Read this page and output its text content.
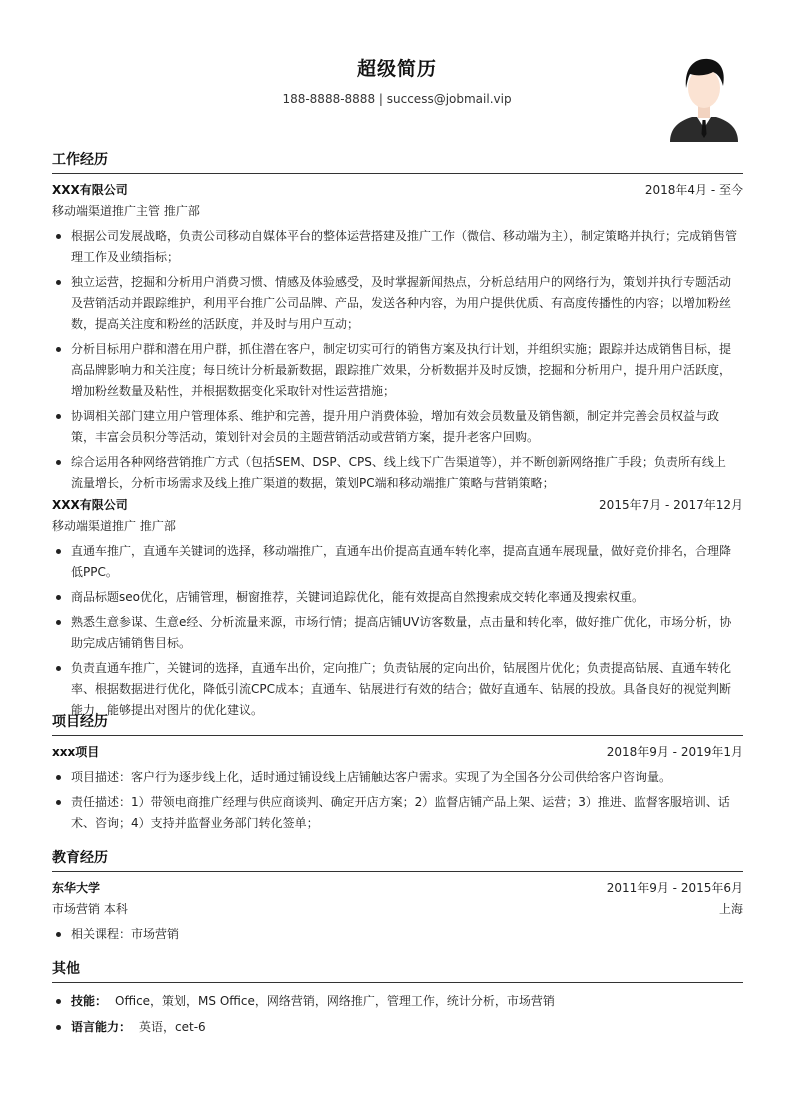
超级简历
188-8888-8888 | success@jobmail.vip
工作经历
XXX有限公司	2018年4月 - 至今
移动端渠道推广主管 推广部
根据公司发展战略，负责公司移动自媒体平台的整体运营搭建及推广工作（微信、移动端为主），制定策略并执行；完成销售管理工作及业绩指标；
独立运营，挖掘和分析用户消费习惯、情感及体验感受，及时掌握新闻热点，分析总结用户的网络行为，策划并执行专题活动及营销活动并跟踪维护，利用平台推广公司品牌、产品，发送各种内容，为用户提供优质、有高度传播性的内容；以增加粉丝数，提高关注度和粉丝的活跃度，并及时与用户互动；
分析目标用户群和潜在用户群，抓住潜在客户，制定切实可行的销售方案及执行计划，并组织实施；跟踪并达成销售目标，提高品牌影响力和关注度；每日统计分析最新数据，跟踪推广效果，分析数据并及时反馈，挖掘和分析用户，提升用户活跃度，增加粉丝数量及粘性，并根据数据变化采取针对性运营措施；
协调相关部门建立用户管理体系、维护和完善，提升用户消费体验，增加有效会员数量及销售额，制定并完善会员权益与政策，丰富会员积分等活动，策划针对会员的主题营销活动或营销方案，提升老客户回购。
综合运用各种网络营销推广方式（包括SEM、DSP、CPS、线上线下广告渠道等），并不断创新网络推广手段；负责所有线上流量增长，分析市场需求及线上推广渠道的数据，策划PC端和移动端推广策略与营销策略；
XXX有限公司	2015年7月 - 2017年12月
移动端渠道推广 推广部
直通车推广，直通车关键词的选择，移动端推广，直通车出价提高直通车转化率，提高直通车展现量，做好竞价排名，合理降低PPC。
商品标题seo优化，店铺管理，橱窗推荐，关键词追踪优化，能有效提高自然搜索成交转化率通及搜索权重。
熟悉生意参谋、生意e经、分析流量来源，市场行情；提高店铺UV访客数量，点击量和转化率，做好推广优化，市场分析，协助完成店铺销售目标。
负责直通车推广，关键词的选择，直通车出价，定向推广；负责钻展的定向出价，钻展图片优化；负责提高钻展、直通车转化率、根据数据进行优化，降低引流CPC成本；直通车、钻展进行有效的结合；做好直通车、钻展的投放。具备良好的视觉判断能力，能够提出对图片的优化建议。
项目经历
xxx项目	2018年9月 - 2019年1月
项目描述：客户行为逐步线上化，适时通过铺设线上店铺触达客户需求。实现了为全国各分公司供给客户咨询量。
责任描述：1）带领电商推广经理与供应商谈判、确定开店方案；2）监督店铺产品上架、运营；3）推进、监督客服培训、话术、咨询；4）支持并监督业务部门转化签单；
教育经历
东华大学	2011年9月 - 2015年6月
市场营销 本科	上海
相关课程：市场营销
其他
技能： Office，策划，MS Office，网络营销，网络推广，管理工作，统计分析，市场营销
语言能力： 英语，cet-6
